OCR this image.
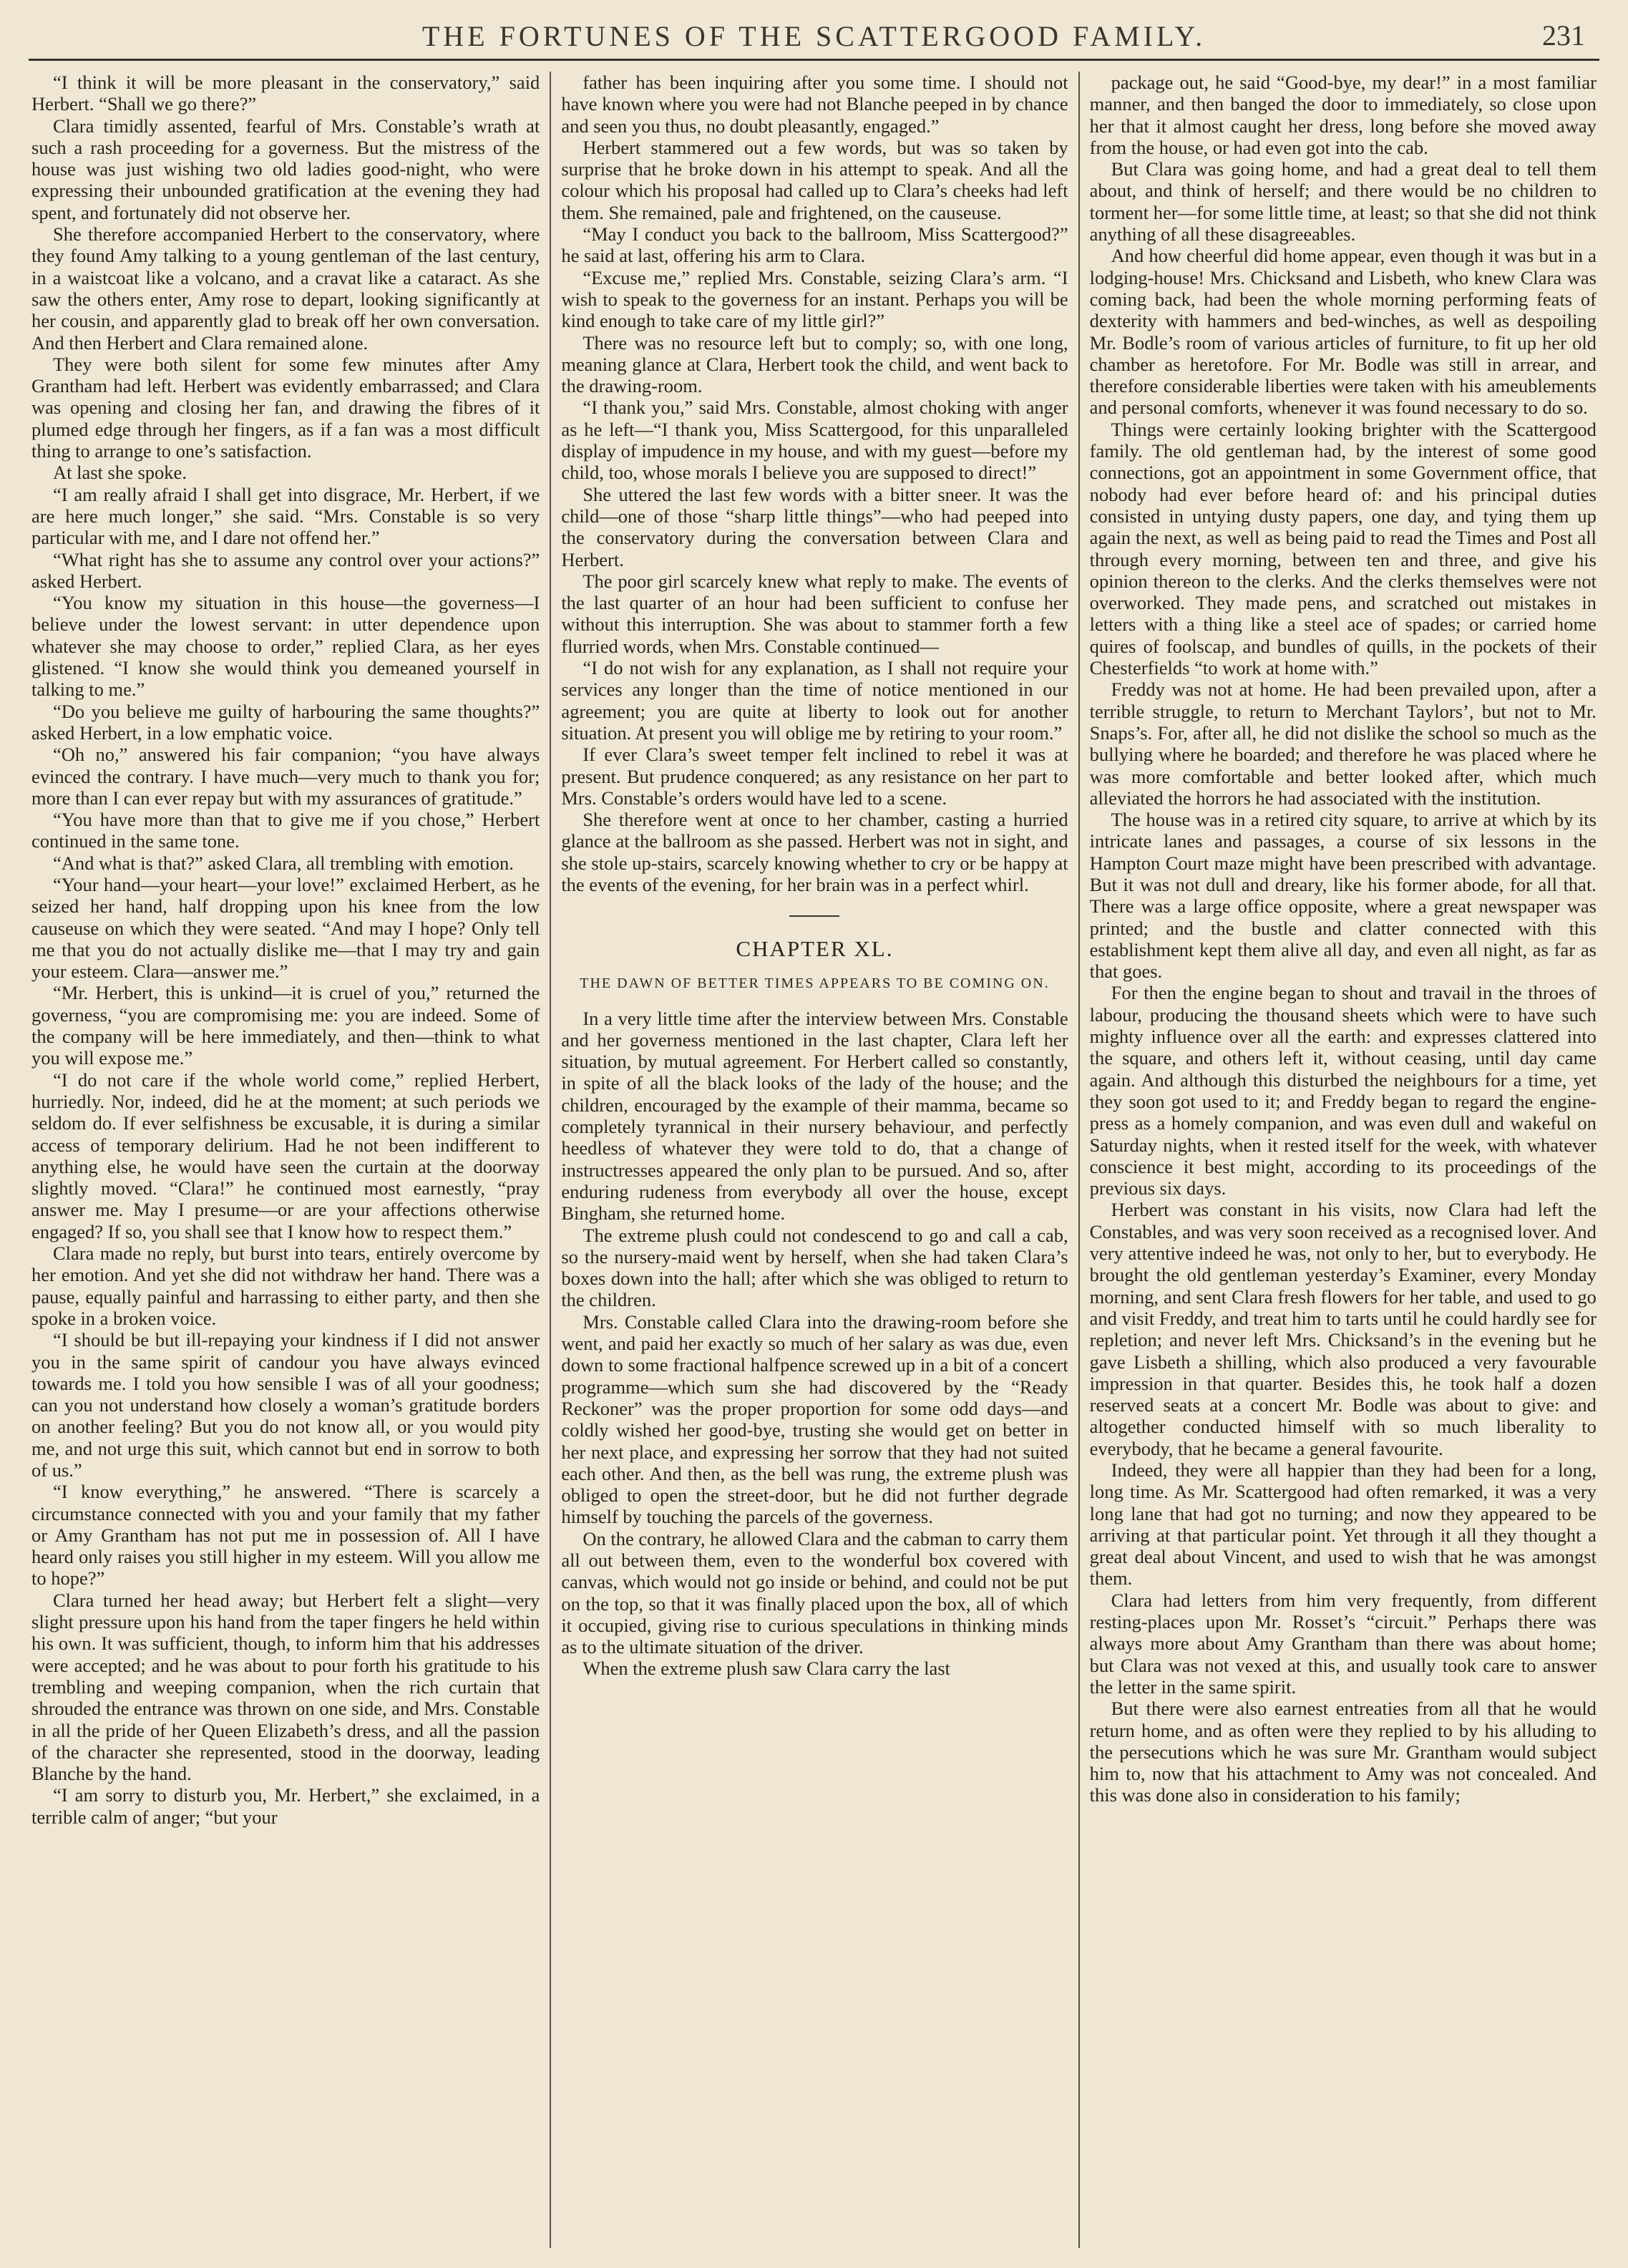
THE FORTUNES OF THE SCATTERGOOD FAMILY.	231

“I think it will be more pleasant in the conservatory,” said Herbert. “Shall we go there?”

Clara timidly assented, fearful of Mrs. Constable’s wrath at such a rash proceeding for a governess. But the mistress of the house was just wishing two old ladies good-night, who were expressing their unbounded gratification at the evening they had spent, and fortunately did not observe her.

She therefore accompanied Herbert to the conservatory, where they found Amy talking to a young gentleman of the last century, in a waistcoat like a volcano, and a cravat like a cataract. As she saw the others enter, Amy rose to depart, looking significantly at her cousin, and apparently glad to break off her own conversation. And then Herbert and Clara remained alone.

They were both silent for some few minutes after Amy Grantham had left. Herbert was evidently embarrassed; and Clara was opening and closing her fan, and drawing the fibres of it plumed edge through her fingers, as if a fan was a most difficult thing to arrange to one’s satisfaction.

At last she spoke.

“I am really afraid I shall get into disgrace, Mr. Herbert, if we are here much longer,” she said. “Mrs. Constable is so very particular with me, and I dare not offend her.”

“What right has she to assume any control over your actions?” asked Herbert.

“You know my situation in this house—the governess—I believe under the lowest servant: in utter dependence upon whatever she may choose to order,” replied Clara, as her eyes glistened. “I know she would think you demeaned yourself in talking to me.”

“Do you believe me guilty of harbouring the same thoughts?” asked Herbert, in a low emphatic voice.

“Oh no,” answered his fair companion; “you have always evinced the contrary. I have much—very much to thank you for; more than I can ever repay but with my assurances of gratitude.”

“You have more than that to give me if you chose,” Herbert continued in the same tone.

“And what is that?” asked Clara, all trembling with emotion.

“Your hand—your heart—your love!” exclaimed Herbert, as he seized her hand, half dropping upon his knee from the low causeuse on which they were seated. “And may I hope? Only tell me that you do not actually dislike me—that I may try and gain your esteem. Clara—answer me.”

“Mr. Herbert, this is unkind—it is cruel of you,” returned the governess, “you are compromising me: you are indeed. Some of the company will be here immediately, and then—think to what you will expose me.”

“I do not care if the whole world come,” replied Herbert, hurriedly. Nor, indeed, did he at the moment; at such periods we seldom do. If ever selfishness be excusable, it is during a similar access of temporary delirium. Had he not been indifferent to anything else, he would have seen the curtain at the doorway slightly moved. “Clara!” he continued most earnestly, “pray answer me. May I presume—or are your affections otherwise engaged? If so, you shall see that I know how to respect them.”

Clara made no reply, but burst into tears, entirely overcome by her emotion. And yet she did not withdraw her hand. There was a pause, equally painful and harrassing to either party, and then she spoke in a broken voice.

“I should be but ill-repaying your kindness if I did not answer you in the same spirit of candour you have always evinced towards me. I told you how sensible I was of all your goodness; can you not understand how closely a woman’s gratitude borders on another feeling? But you do not know all, or you would pity me, and not urge this suit, which cannot but end in sorrow to both of us.”

“I know everything,” he answered. “There is scarcely a circumstance connected with you and your family that my father or Amy Grantham has not put me in possession of. All I have heard only raises you still higher in my esteem. Will you allow me to hope?”

Clara turned her head away; but Herbert felt a slight—very slight pressure upon his hand from the taper fingers he held within his own. It was sufficient, though, to inform him that his addresses were accepted; and he was about to pour forth his gratitude to his trembling and weeping companion, when the rich curtain that shrouded the entrance was thrown on one side, and Mrs. Constable in all the pride of her Queen Elizabeth’s dress, and all the passion of the character she represented, stood in the doorway, leading Blanche by the hand.

“I am sorry to disturb you, Mr. Herbert,” she exclaimed, in a terrible calm of anger; “but your

father has been inquiring after you some time. I should not have known where you were had not Blanche peeped in by chance and seen you thus, no doubt pleasantly, engaged.”

Herbert stammered out a few words, but was so taken by surprise that he broke down in his attempt to speak. And all the colour which his proposal had called up to Clara’s cheeks had left them. She remained, pale and frightened, on the causeuse.

“May I conduct you back to the ballroom, Miss Scattergood?” he said at last, offering his arm to Clara.

“Excuse me,” replied Mrs. Constable, seizing Clara’s arm. “I wish to speak to the governess for an instant. Perhaps you will be kind enough to take care of my little girl?”

There was no resource left but to comply; so, with one long, meaning glance at Clara, Herbert took the child, and went back to the drawing-room.

“I thank you,” said Mrs. Constable, almost choking with anger as he left—“I thank you, Miss Scattergood, for this unparalleled display of impudence in my house, and with my guest—before my child, too, whose morals I believe you are supposed to direct!”

She uttered the last few words with a bitter sneer. It was the child—one of those “sharp little things”—who had peeped into the conservatory during the conversation between Clara and Herbert.

The poor girl scarcely knew what reply to make. The events of the last quarter of an hour had been sufficient to confuse her without this interruption. She was about to stammer forth a few flurried words, when Mrs. Constable continued—

“I do not wish for any explanation, as I shall not require your services any longer than the time of notice mentioned in our agreement; you are quite at liberty to look out for another situation. At present you will oblige me by retiring to your room.”

If ever Clara’s sweet temper felt inclined to rebel it was at present. But prudence conquered; as any resistance on her part to Mrs. Constable’s orders would have led to a scene.

She therefore went at once to her chamber, casting a hurried glance at the ballroom as she passed. Herbert was not in sight, and she stole up-stairs, scarcely knowing whether to cry or be happy at the events of the evening, for her brain was in a perfect whirl.

CHAPTER XL.
THE DAWN OF BETTER TIMES APPEARS TO BE COMING ON.

In a very little time after the interview between Mrs. Constable and her governess mentioned in the last chapter, Clara left her situation, by mutual agreement. For Herbert called so constantly, in spite of all the black looks of the lady of the house; and the children, encouraged by the example of their mamma, became so completely tyrannical in their nursery behaviour, and perfectly heedless of whatever they were told to do, that a change of instructresses appeared the only plan to be pursued. And so, after enduring rudeness from everybody all over the house, except Bingham, she returned home.

The extreme plush could not condescend to go and call a cab, so the nursery-maid went by herself, when she had taken Clara’s boxes down into the hall; after which she was obliged to return to the children.

Mrs. Constable called Clara into the drawing-room before she went, and paid her exactly so much of her salary as was due, even down to some fractional halfpence screwed up in a bit of a concert programme—which sum she had discovered by the “Ready Reckoner” was the proper proportion for some odd days—and coldly wished her good-bye, trusting she would get on better in her next place, and expressing her sorrow that they had not suited each other. And then, as the bell was rung, the extreme plush was obliged to open the street-door, but he did not further degrade himself by touching the parcels of the governess.

On the contrary, he allowed Clara and the cabman to carry them all out between them, even to the wonderful box covered with canvas, which would not go inside or behind, and could not be put on the top, so that it was finally placed upon the box, all of which it occupied, giving rise to curious speculations in thinking minds as to the ultimate situation of the driver.

When the extreme plush saw Clara carry the last

package out, he said “Good-bye, my dear!” in a most familiar manner, and then banged the door to immediately, so close upon her that it almost caught her dress, long before she moved away from the house, or had even got into the cab.

But Clara was going home, and had a great deal to tell them about, and think of herself; and there would be no children to torment her—for some little time, at least; so that she did not think anything of all these disagreeables.

And how cheerful did home appear, even though it was but in a lodging-house! Mrs. Chicksand and Lisbeth, who knew Clara was coming back, had been the whole morning performing feats of dexterity with hammers and bed-winches, as well as despoiling Mr. Bodle’s room of various articles of furniture, to fit up her old chamber as heretofore. For Mr. Bodle was still in arrear, and therefore considerable liberties were taken with his ameublements and personal comforts, whenever it was found necessary to do so.

Things were certainly looking brighter with the Scattergood family. The old gentleman had, by the interest of some good connections, got an appointment in some Government office, that nobody had ever before heard of: and his principal duties consisted in untying dusty papers, one day, and tying them up again the next, as well as being paid to read the Times and Post all through every morning, between ten and three, and give his opinion thereon to the clerks. And the clerks themselves were not overworked. They made pens, and scratched out mistakes in letters with a thing like a steel ace of spades; or carried home quires of foolscap, and bundles of quills, in the pockets of their Chesterfields “to work at home with.”

Freddy was not at home. He had been prevailed upon, after a terrible struggle, to return to Merchant Taylors’, but not to Mr. Snaps’s. For, after all, he did not dislike the school so much as the bullying where he boarded; and therefore he was placed where he was more comfortable and better looked after, which much alleviated the horrors he had associated with the institution.

The house was in a retired city square, to arrive at which by its intricate lanes and passages, a course of six lessons in the Hampton Court maze might have been prescribed with advantage. But it was not dull and dreary, like his former abode, for all that. There was a large office opposite, where a great newspaper was printed; and the bustle and clatter connected with this establishment kept them alive all day, and even all night, as far as that goes.

For then the engine began to shout and travail in the throes of labour, producing the thousand sheets which were to have such mighty influence over all the earth: and expresses clattered into the square, and others left it, without ceasing, until day came again. And although this disturbed the neighbours for a time, yet they soon got used to it; and Freddy began to regard the engine-press as a homely companion, and was even dull and wakeful on Saturday nights, when it rested itself for the week, with whatever conscience it best might, according to its proceedings of the previous six days.

Herbert was constant in his visits, now Clara had left the Constables, and was very soon received as a recognised lover. And very attentive indeed he was, not only to her, but to everybody. He brought the old gentleman yesterday’s Examiner, every Monday morning, and sent Clara fresh flowers for her table, and used to go and visit Freddy, and treat him to tarts until he could hardly see for repletion; and never left Mrs. Chicksand’s in the evening but he gave Lisbeth a shilling, which also produced a very favourable impression in that quarter. Besides this, he took half a dozen reserved seats at a concert Mr. Bodle was about to give: and altogether conducted himself with so much liberality to everybody, that he became a general favourite.

Indeed, they were all happier than they had been for a long, long time. As Mr. Scattergood had often remarked, it was a very long lane that had got no turning; and now they appeared to be arriving at that particular point. Yet through it all they thought a great deal about Vincent, and used to wish that he was amongst them.

Clara had letters from him very frequently, from different resting-places upon Mr. Rosset’s “circuit.” Perhaps there was always more about Amy Grantham than there was about home; but Clara was not vexed at this, and usually took care to answer the letter in the same spirit.

But there were also earnest entreaties from all that he would return home, and as often were they replied to by his alluding to the persecutions which he was sure Mr. Grantham would subject him to, now that his attachment to Amy was not concealed. And this was done also in consideration to his family;
